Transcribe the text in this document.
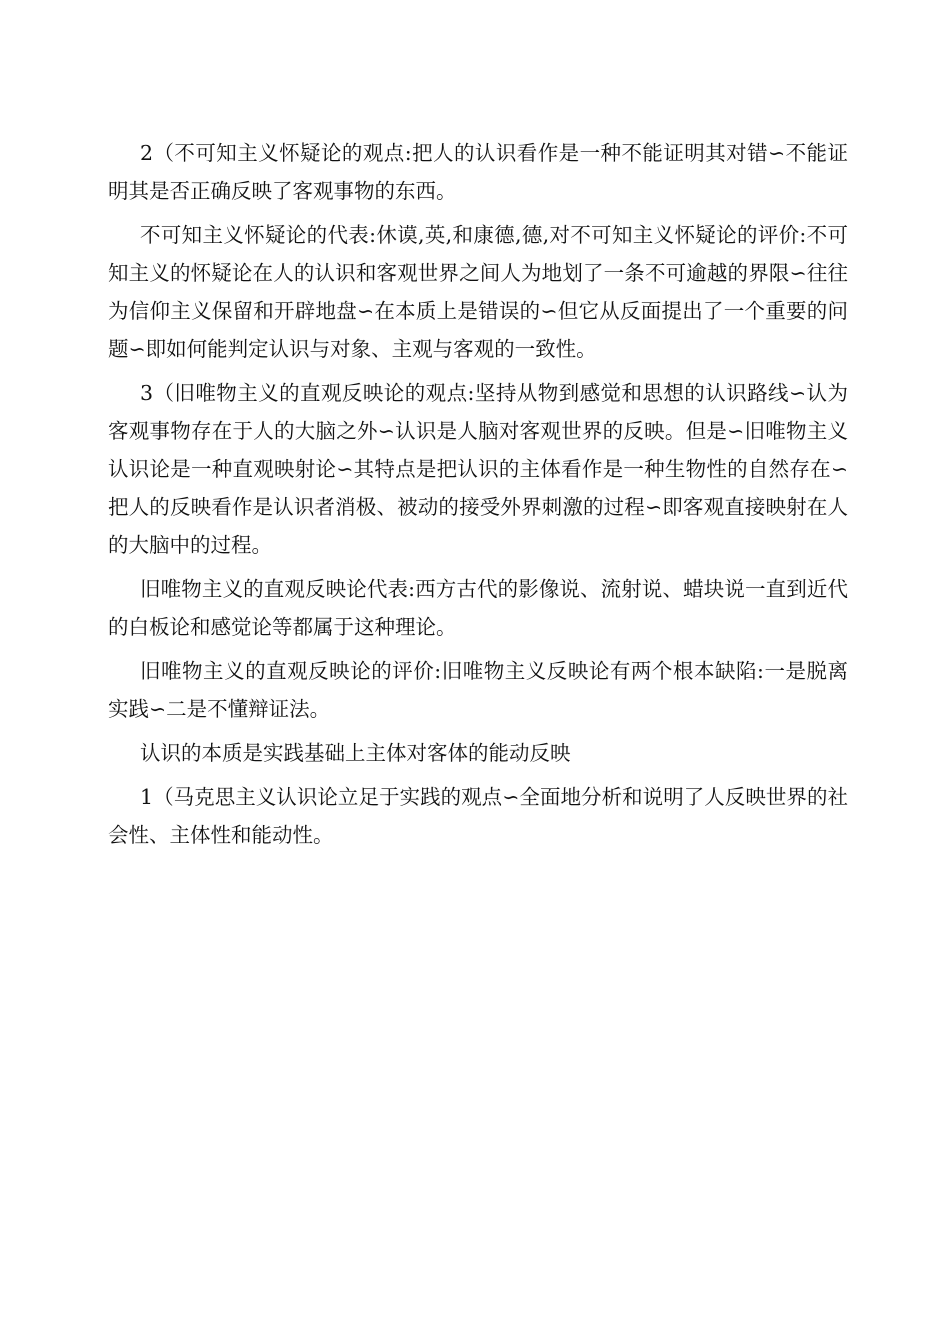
2（不可知主义怀疑论的观点:把人的认识看作是一种不能证明其对错∽不能证明其是否正确反映了客观事物的东西。

不可知主义怀疑论的代表:休谟,英,和康德,德,对不可知主义怀疑论的评价:不可知主义的怀疑论在人的认识和客观世界之间人为地划了一条不可逾越的界限∽往往为信仰主义保留和开辟地盘∽在本质上是错误的∽但它从反面提出了一个重要的问题∽即如何能判定认识与对象、主观与客观的一致性。

3（旧唯物主义的直观反映论的观点:坚持从物到感觉和思想的认识路线∽认为客观事物存在于人的大脑之外∽认识是人脑对客观世界的反映。但是∽旧唯物主义认识论是一种直观映射论∽其特点是把认识的主体看作是一种生物性的自然存在∽把人的反映看作是认识者消极、被动的接受外界刺激的过程∽即客观直接映射在人的大脑中的过程。

旧唯物主义的直观反映论代表:西方古代的影像说、流射说、蜡块说一直到近代的白板论和感觉论等都属于这种理论。

旧唯物主义的直观反映论的评价:旧唯物主义反映论有两个根本缺陷:一是脱离实践∽二是不懂辩证法。

认识的本质是实践基础上主体对客体的能动反映

1（马克思主义认识论立足于实践的观点∽全面地分析和说明了人反映世界的社会性、主体性和能动性。
